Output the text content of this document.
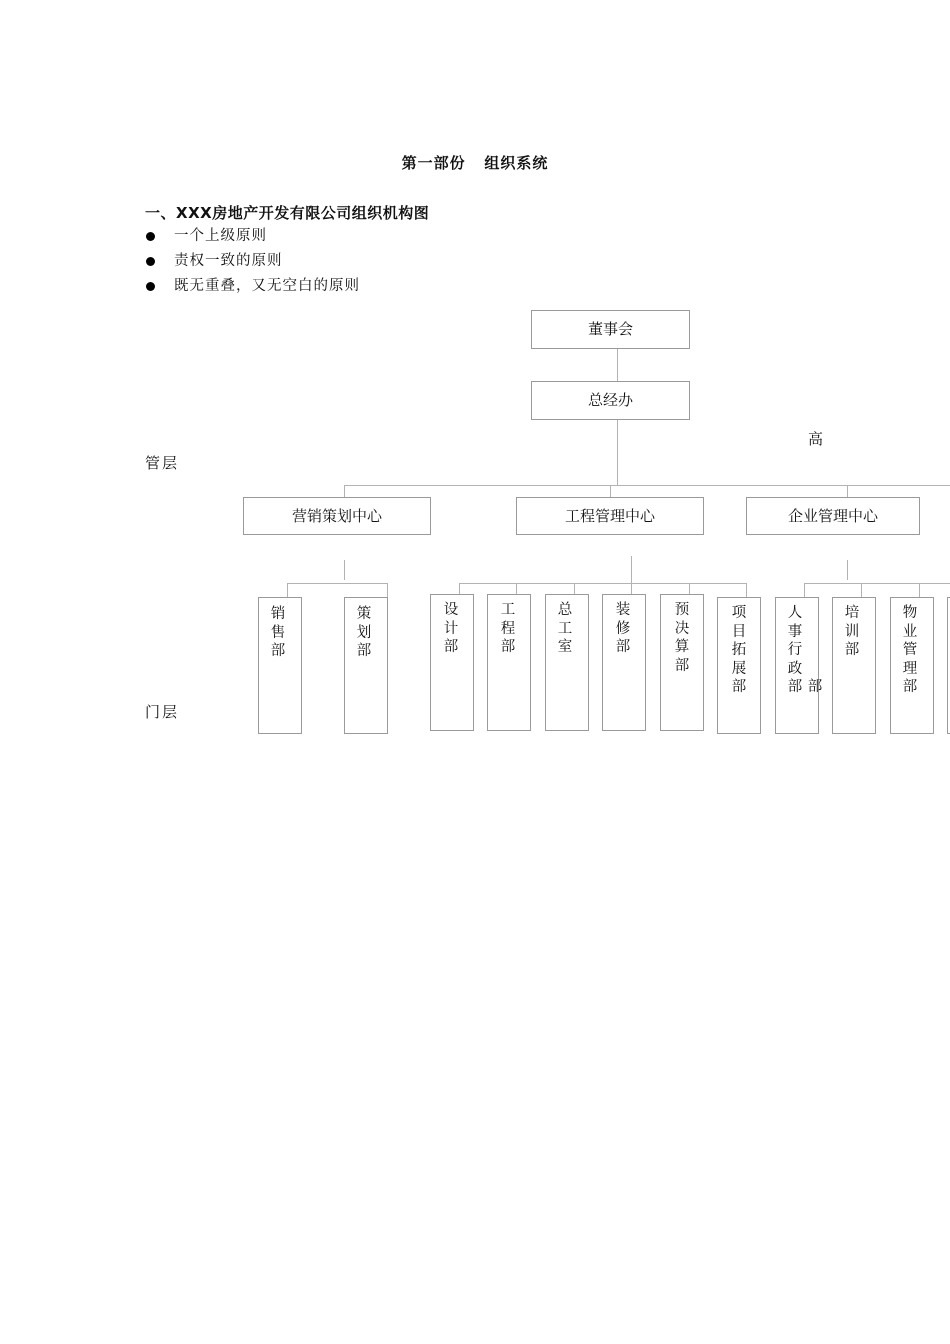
第一部份   组织系统
一、XXX房地产开发有限公司组织机构图
一个上级原则
责权一致的原则
既无重叠，又无空白的原则
高
管层
门层
董事会
总经办
营销策划中心	工程管理中心	企业管理中心
销售部
策划部
设计部
工程部
总工室
装修部
预决算部
项目拓展部
人事行政部 部
培训部
物业管理部
